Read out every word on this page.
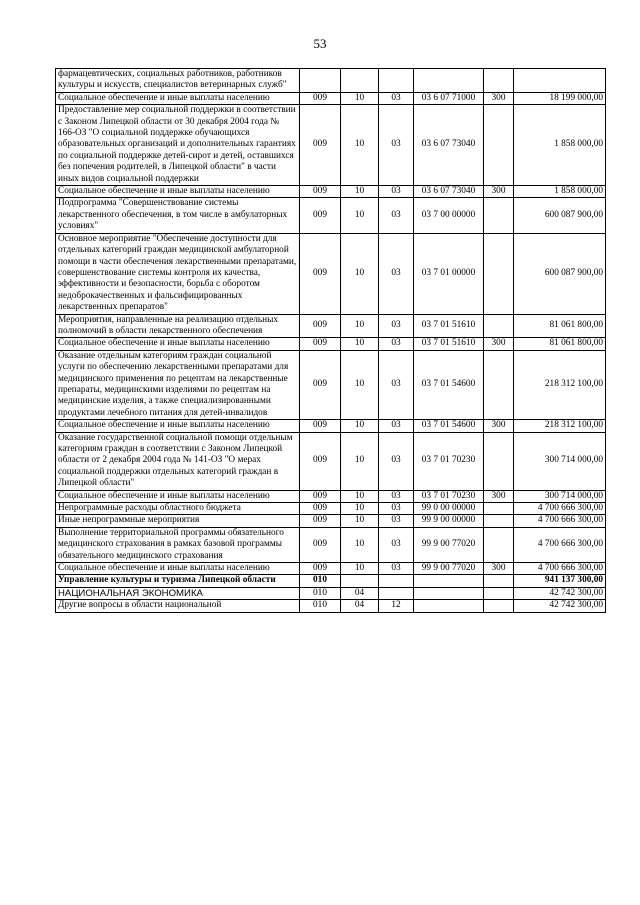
53
фармацевтических, социальных работников, работников культуры и искусств, специалистов ветеринарных служб"						
Социальное обеспечение и иные выплаты населению	009	10	03	03 6 07 71000	300	18 199 000,00
Предоставление мер социальной поддержки в соответствии с Законом Липецкой области от 30 декабря 2004 года № 166-ОЗ "О социальной поддержке обучающихся образовательных организаций и дополнительных гарантиях по социальной поддержке детей-сирот и детей, оставшихся без попечения родителей, в Липецкой области" в части иных видов социальной поддержки	009	10	03	03 6 07 73040		1 858 000,00
Социальное обеспечение и иные выплаты населению	009	10	03	03 6 07 73040	300	1 858 000,00
Подпрограмма "Совершенствование системы лекарственного обеспечения, в том числе в амбулаторных условиях"	009	10	03	03 7 00 00000		600 087 900,00
Основное мероприятие "Обеспечение доступности для отдельных категорий граждан медицинской амбулаторной помощи в части обеспечения лекарственными препаратами, совершенствование системы контроля их качества, эффективности и безопасности, борьба с оборотом недоброкачественных и фальсифицированных лекарственных препаратов"	009	10	03	03 7 01 00000		600 087 900,00
Мероприятия, направленные на реализацию отдельных полномочий в области лекарственного обеспечения	009	10	03	03 7 01 51610		81 061 800,00
Социальное обеспечение и иные выплаты населению	009	10	03	03 7 01 51610	300	81 061 800,00
Оказание отдельным категориям граждан социальной услуги по обеспечению лекарственными препаратами для медицинского применения по рецептам на лекарственные препараты, медицинскими изделиями по рецептам на медицинские изделия, а также специализированными продуктами лечебного питания для детей-инвалидов	009	10	03	03 7 01 54600		218 312 100,00
Социальное обеспечение и иные выплаты населению	009	10	03	03 7 01 54600	300	218 312 100,00
Оказание государственной социальной помощи отдельным категориям граждан в соответствии с Законом Липецкой области от 2 декабря 2004 года № 141-ОЗ "О мерах социальной поддержки отдельных категорий граждан в Липецкой области"	009	10	03	03 7 01 70230		300 714 000,00
Социальное обеспечение и иные выплаты населению	009	10	03	03 7 01 70230	300	300 714 000,00
Непрограммные расходы областного бюджета	009	10	03	99 0 00 00000		4 700 666 300,00
Иные непрограммные мероприятия	009	10	03	99 9 00 00000		4 700 666 300,00
Выполнение территориальной программы обязательного медицинского страхования в рамках базовой программы обязательного медицинского страхования	009	10	03	99 9 00 77020		4 700 666 300,00
Социальное обеспечение и иные выплаты населению	009	10	03	99 9 00 77020	300	4 700 666 300,00
Управление культуры и туризма Липецкой области	010					941 137 300,00
НАЦИОНАЛЬНАЯ ЭКОНОМИКА	010	04				42 742 300,00
Другие вопросы в области национальной	010	04	12			42 742 300,00
